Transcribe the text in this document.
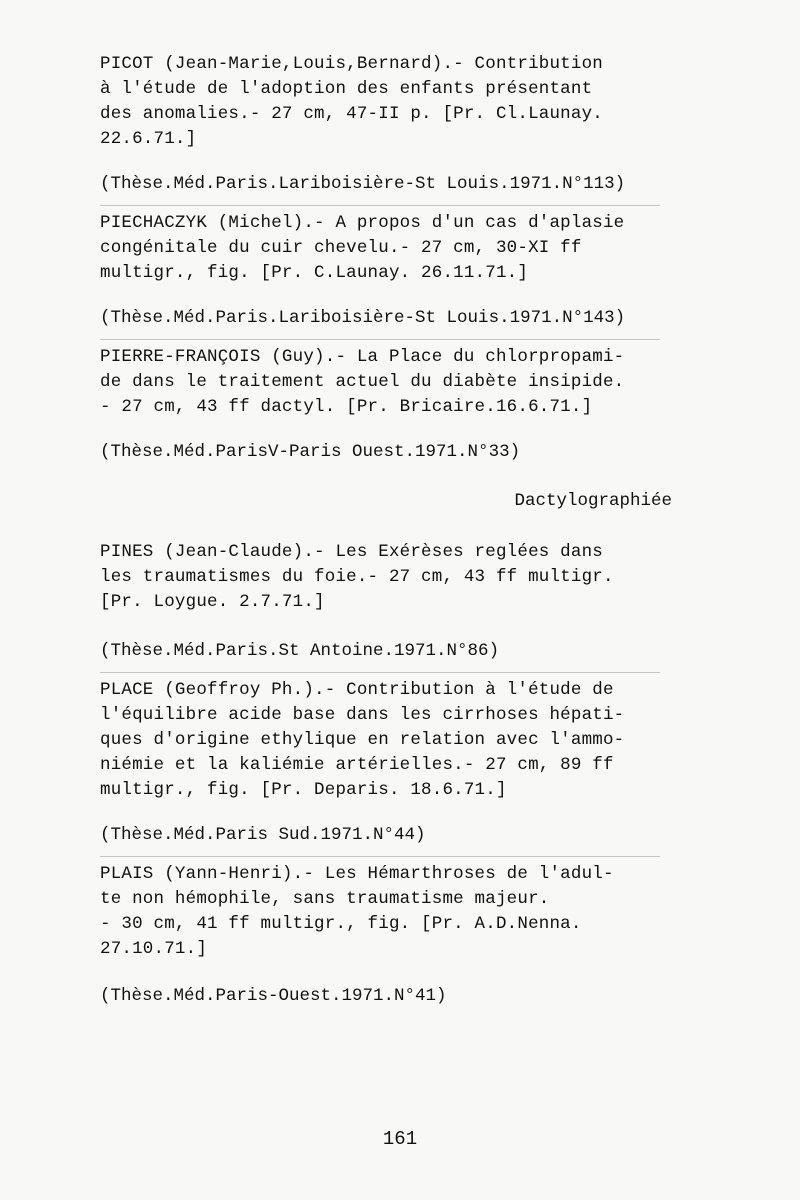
PICOT (Jean-Marie,Louis,Bernard).- Contribution
à l'étude de l'adoption des enfants présentant
des anomalies.- 27 cm, 47-II p. [Pr. Cl.Launay.
22.6.71.]
(Thèse.Méd.Paris.Lariboisière-St Louis.1971.N°113)
PIECHACZYK (Michel).- A propos d'un cas d'aplasie
congénitale du cuir chevelu.- 27 cm, 30-XI ff
multigr., fig. [Pr. C.Launay. 26.11.71.]
(Thèse.Méd.Paris.Lariboisière-St Louis.1971.N°143)
PIERRE-FRANÇOIS (Guy).- La Place du chlorpropami-
de dans le traitement actuel du diabète insipide.
- 27 cm, 43 ff dactyl. [Pr. Bricaire.16.6.71.]
(Thèse.Méd.ParisV-Paris Ouest.1971.N°33)
Dactylographiée
PINES (Jean-Claude).- Les Exérèses reglées dans
les traumatismes du foie.- 27 cm, 43 ff multigr.
[Pr. Loygue. 2.7.71.]
(Thèse.Méd.Paris.St Antoine.1971.N°86)
PLACE (Geoffroy Ph.).- Contribution à l'étude de
l'équilibre acide base dans les cirrhoses hépati-
ques d'origine ethylique en relation avec l'ammo-
niémie et la kaliémie artérielles.- 27 cm, 89 ff
multigr., fig. [Pr. Deparis. 18.6.71.]
(Thèse.Méd.Paris Sud.1971.N°44)
PLAIS (Yann-Henri).- Les Hémarthroses de l'adul-
te non hémophile, sans traumatisme majeur.
- 30 cm, 41 ff multigr., fig. [Pr. A.D.Nenna.
27.10.71.]
(Thèse.Méd.Paris-Ouest.1971.N°41)
161
